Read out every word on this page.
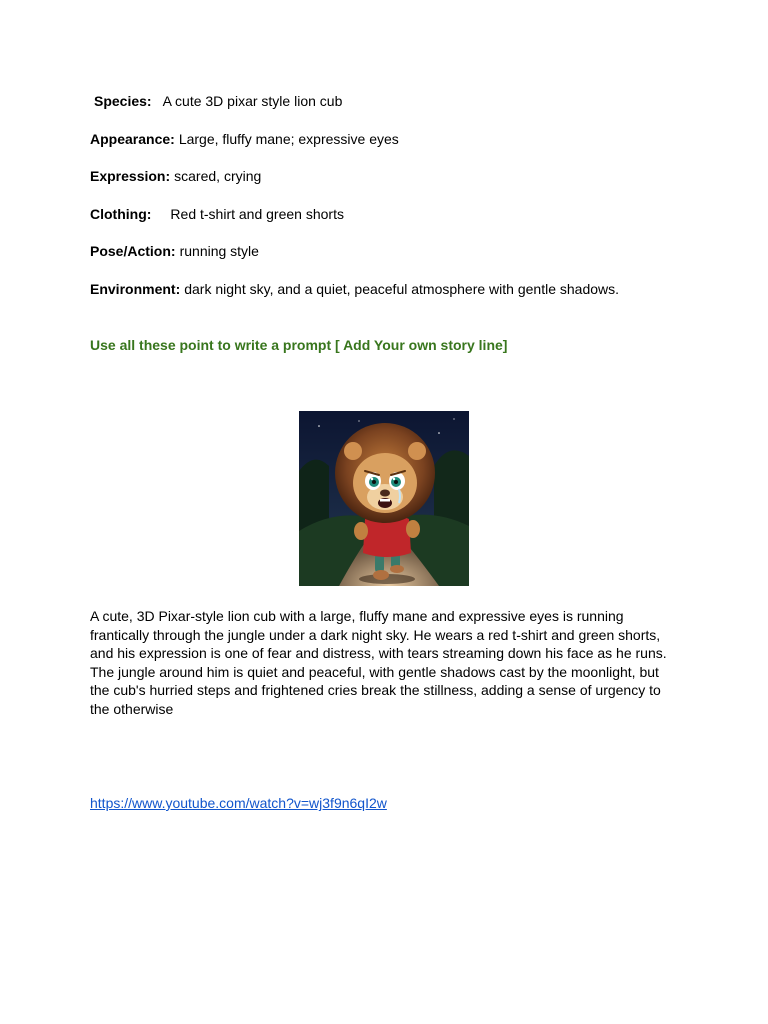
Species: A cute 3D pixar style lion cub
Appearance: Large, fluffy mane; expressive eyes
Expression: scared, crying
Clothing: Red t-shirt and green shorts
Pose/Action: running style
Environment: dark night sky, and a quiet, peaceful atmosphere with gentle shadows.
Use all these point to write a prompt [ Add Your own story line]

A cute, 3D Pixar-style lion cub with a large, fluffy mane and expressive eyes is running frantically through the jungle under a dark night sky. He wears a red t-shirt and green shorts, and his expression is one of fear and distress, with tears streaming down his face as he runs. The jungle around him is quiet and peaceful, with gentle shadows cast by the moonlight, but the cub's hurried steps and frightened cries break the stillness, adding a sense of urgency to the otherwise

https://www.youtube.com/watch?v=wj3f9n6qI2w
